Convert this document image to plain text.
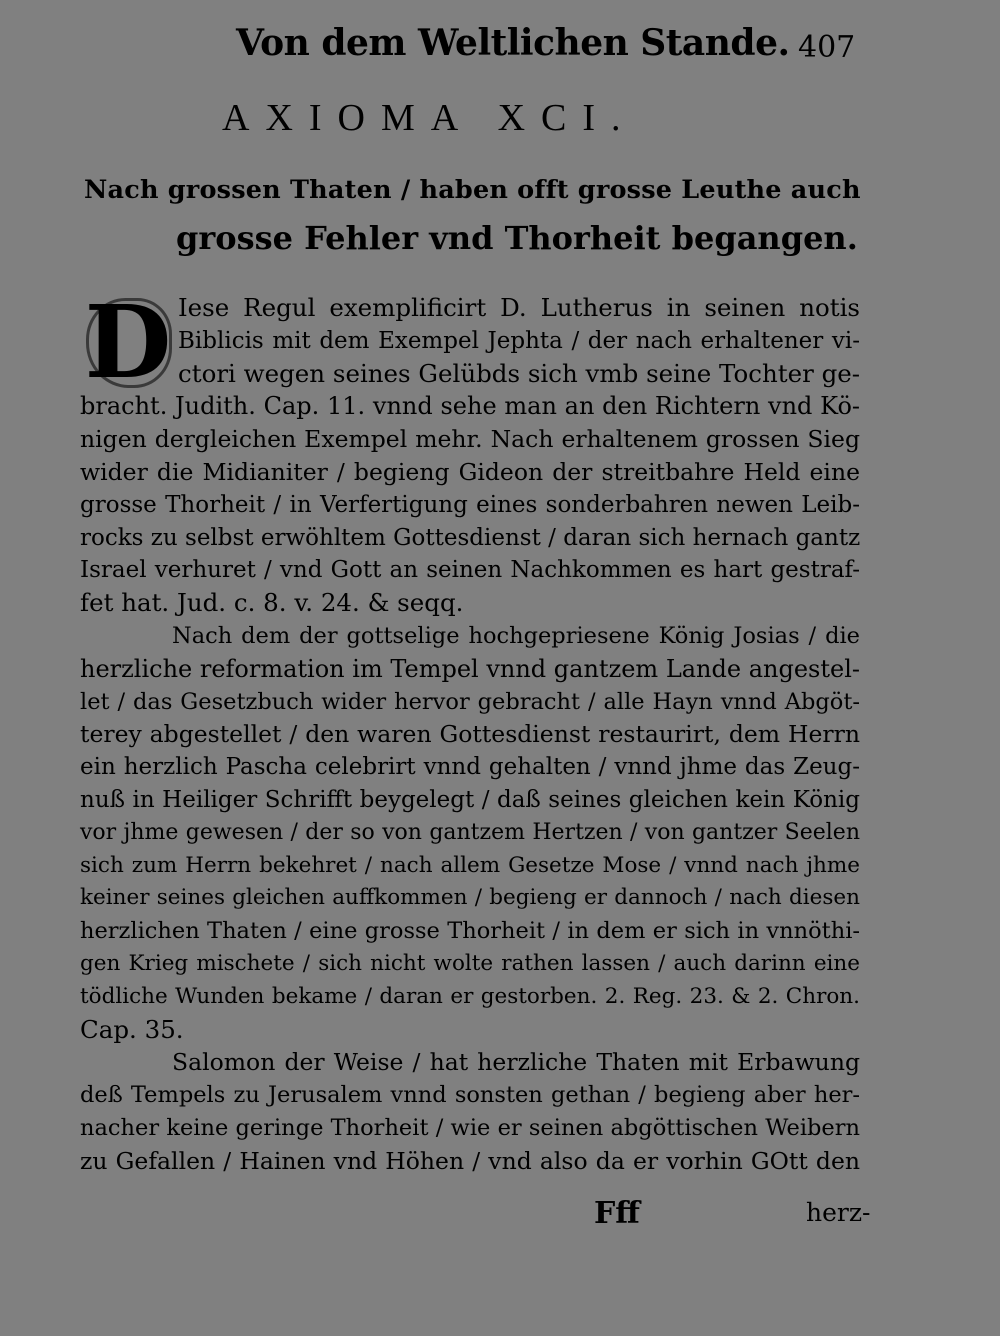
Von dem Weltlichen Stande. 407
AXIOMA XCI.
Nach grossen Thaten / haben offt grosse Leuthe auch
grosse Fehler vnd Thorheit begangen.
D Iese Regul exemplificirt D. Lutherus in seinen notis
Biblicis mit dem Exempel Jephta / der nach erhaltener vi-
ctori wegen seines Gelübds sich vmb seine Tochter ge-
bracht. Judith. Cap. 11. vnnd sehe man an den Richtern vnd Kö-
nigen dergleichen Exempel mehr. Nach erhaltenem grossen Sieg
wider die Midianiter / begieng Gideon der streitbahre Held eine
grosse Thorheit / in Verfertigung eines sonderbahren newen Leib-
rocks zu selbst erwöhltem Gottesdienst / daran sich hernach gantz
Israel verhuret / vnd Gott an seinen Nachkommen es hart gestraf-
fet hat. Jud. c. 8. v. 24. & seqq.
Nach dem der gottselige hochgepriesene König Josias / die
herzliche reformation im Tempel vnnd gantzem Lande angestel-
let / das Gesetzbuch wider hervor gebracht / alle Hayn vnnd Abgöt-
terey abgestellet / den waren Gottesdienst restaurirt, dem Herrn
ein herzlich Pascha celebrirt vnnd gehalten / vnnd jhme das Zeug-
nuß in Heiliger Schrifft beygelegt / daß seines gleichen kein König
vor jhme gewesen / der so von gantzem Hertzen / von gantzer Seelen
sich zum Herrn bekehret / nach allem Gesetze Mose / vnnd nach jhme
keiner seines gleichen auffkommen / begieng er dannoch / nach diesen
herzlichen Thaten / eine grosse Thorheit / in dem er sich in vnnöthi-
gen Krieg mischete / sich nicht wolte rathen lassen / auch darinn eine
tödliche Wunden bekame / daran er gestorben. 2. Reg. 23. & 2. Chron.
Cap. 35.
Salomon der Weise / hat herzliche Thaten mit Erbawung
deß Tempels zu Jerusalem vnnd sonsten gethan / begieng aber her-
nacher keine geringe Thorheit / wie er seinen abgöttischen Weibern
zu Gefallen / Hainen vnd Höhen / vnd also da er vorhin GOtt den
Fff	herz-
